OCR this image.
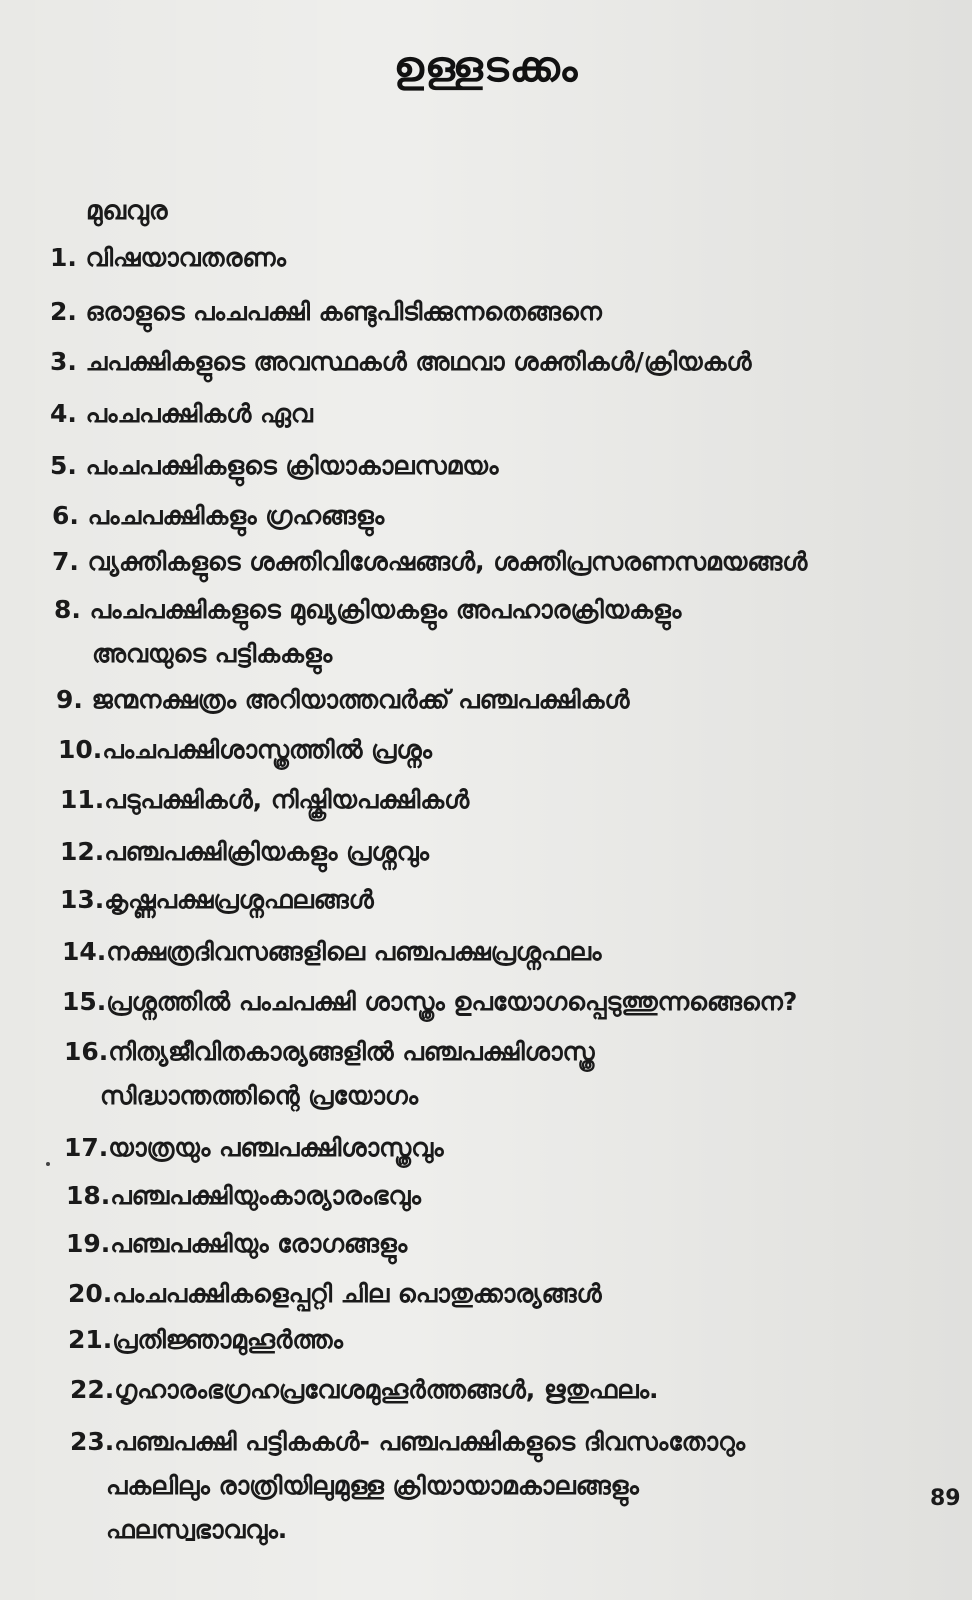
ഉള്ളടക്കം
മുഖവുര
1. വിഷയാവതരണം
2. ഒരാളുടെ പംചപക്ഷി കണ്ടുപിടിക്കുന്നതെങ്ങനെ
3. ചപക്ഷികളുടെ അവസ്ഥകൾ അഥവാ ശക്തികൾ/ക്രിയകൾ
4. പംചപക്ഷികൾ ഏവ
5. പംചപക്ഷികളുടെ ക്രിയാകാലസമയം
6. പംചപക്ഷികളും ഗ്രഹങ്ങളും
7. വ്യക്തികളുടെ ശക്തിവിശേഷങ്ങൾ, ശക്തിപ്രസരണസമയങ്ങൾ
8. പംചപക്ഷികളുടെ മുഖ്യക്രിയകളും അപഹാരക്രിയകളും
അവയുടെ പട്ടികകളും
9. ജന്മനക്ഷത്രം അറിയാത്തവർക്ക് പഞ്ചപക്ഷികൾ
10.പംചപക്ഷിശാസ്ത്രത്തിൽ പ്രശ്നം
11.പടുപക്ഷികൾ, നിഷ്ക്രിയപക്ഷികൾ
12.പഞ്ചപക്ഷിക്രിയകളും പ്രശ്നവും
13.കൃഷ്ണപക്ഷപ്രശ്നഫലങ്ങൾ
14.നക്ഷത്രദിവസങ്ങളിലെ പഞ്ചപക്ഷപ്രശ്നഫലം
15.പ്രശ്നത്തിൽ പംചപക്ഷി ശാസ്ത്രം ഉപയോഗപ്പെടുത്തുന്നങ്ങെനെ?
16.നിത്യജീവിതകാര്യങ്ങളിൽ പഞ്ചപക്ഷിശാസ്ത്ര
സിദ്ധാന്തത്തിന്റെ പ്രയോഗം
17.യാത്രയും പഞ്ചപക്ഷിശാസ്ത്രവും
18.പഞ്ചപക്ഷിയുംകാര്യാരംഭവും
19.പഞ്ചപക്ഷിയും രോഗങ്ങളും
20.പംചപക്ഷികളെപ്പറ്റി ചില പൊതുക്കാര്യങ്ങൾ
21.പ്രതിജ്ഞാമുഹൂർത്തം
22.ഗൃഹാരംഭഗ്രഹപ്രവേശമുഹൂർത്തങ്ങൾ, ഋതുഫലം.
23.പഞ്ചപക്ഷി പട്ടികകൾ- പഞ്ചപക്ഷികളുടെ ദിവസംതോറും
പകലിലും രാത്രിയിലുമുള്ള ക്രിയായാമകാലങ്ങളും
ഫലസ്വഭാവവും.
89
